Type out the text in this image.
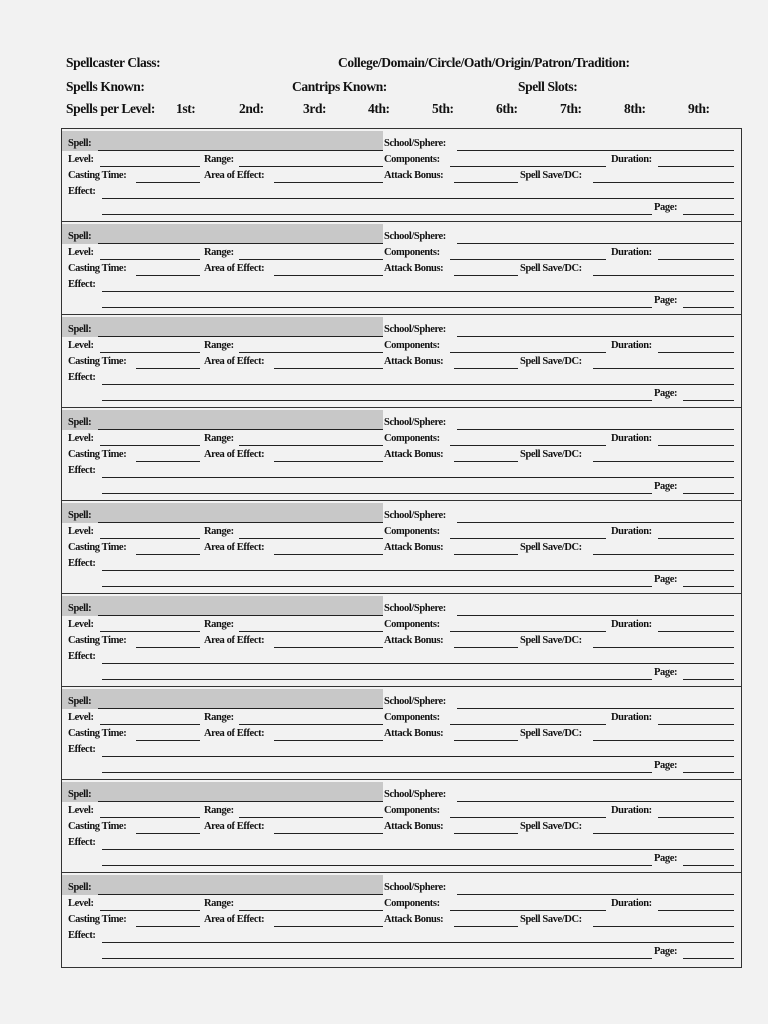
Spellcaster Class:	College/Domain/Circle/Oath/Origin/Patron/Tradition:
Spells Known:	Cantrips Known:	Spell Slots:
Spells per Level: 1st:	2nd:	3rd:	4th:	5th:	6th:	7th:	8th:	9th:
Spell:	School/Sphere:
Level:	Range:	Components:	Duration:
Casting Time:	Area of Effect:	Attack Bonus:	Spell Save/DC:
Effect:
Page:
Spell:	School/Sphere:
Level:	Range:	Components:	Duration:
Casting Time:	Area of Effect:	Attack Bonus:	Spell Save/DC:
Effect:
Page:
Spell:	School/Sphere:
Level:	Range:	Components:	Duration:
Casting Time:	Area of Effect:	Attack Bonus:	Spell Save/DC:
Effect:
Page:
Spell:	School/Sphere:
Level:	Range:	Components:	Duration:
Casting Time:	Area of Effect:	Attack Bonus:	Spell Save/DC:
Effect:
Page:
Spell:	School/Sphere:
Level:	Range:	Components:	Duration:
Casting Time:	Area of Effect:	Attack Bonus:	Spell Save/DC:
Effect:
Page:
Spell:	School/Sphere:
Level:	Range:	Components:	Duration:
Casting Time:	Area of Effect:	Attack Bonus:	Spell Save/DC:
Effect:
Page:
Spell:	School/Sphere:
Level:	Range:	Components:	Duration:
Casting Time:	Area of Effect:	Attack Bonus:	Spell Save/DC:
Effect:
Page:
Spell:	School/Sphere:
Level:	Range:	Components:	Duration:
Casting Time:	Area of Effect:	Attack Bonus:	Spell Save/DC:
Effect:
Page:
Spell:	School/Sphere:
Level:	Range:	Components:	Duration:
Casting Time:	Area of Effect:	Attack Bonus:	Spell Save/DC:
Effect:
Page:
